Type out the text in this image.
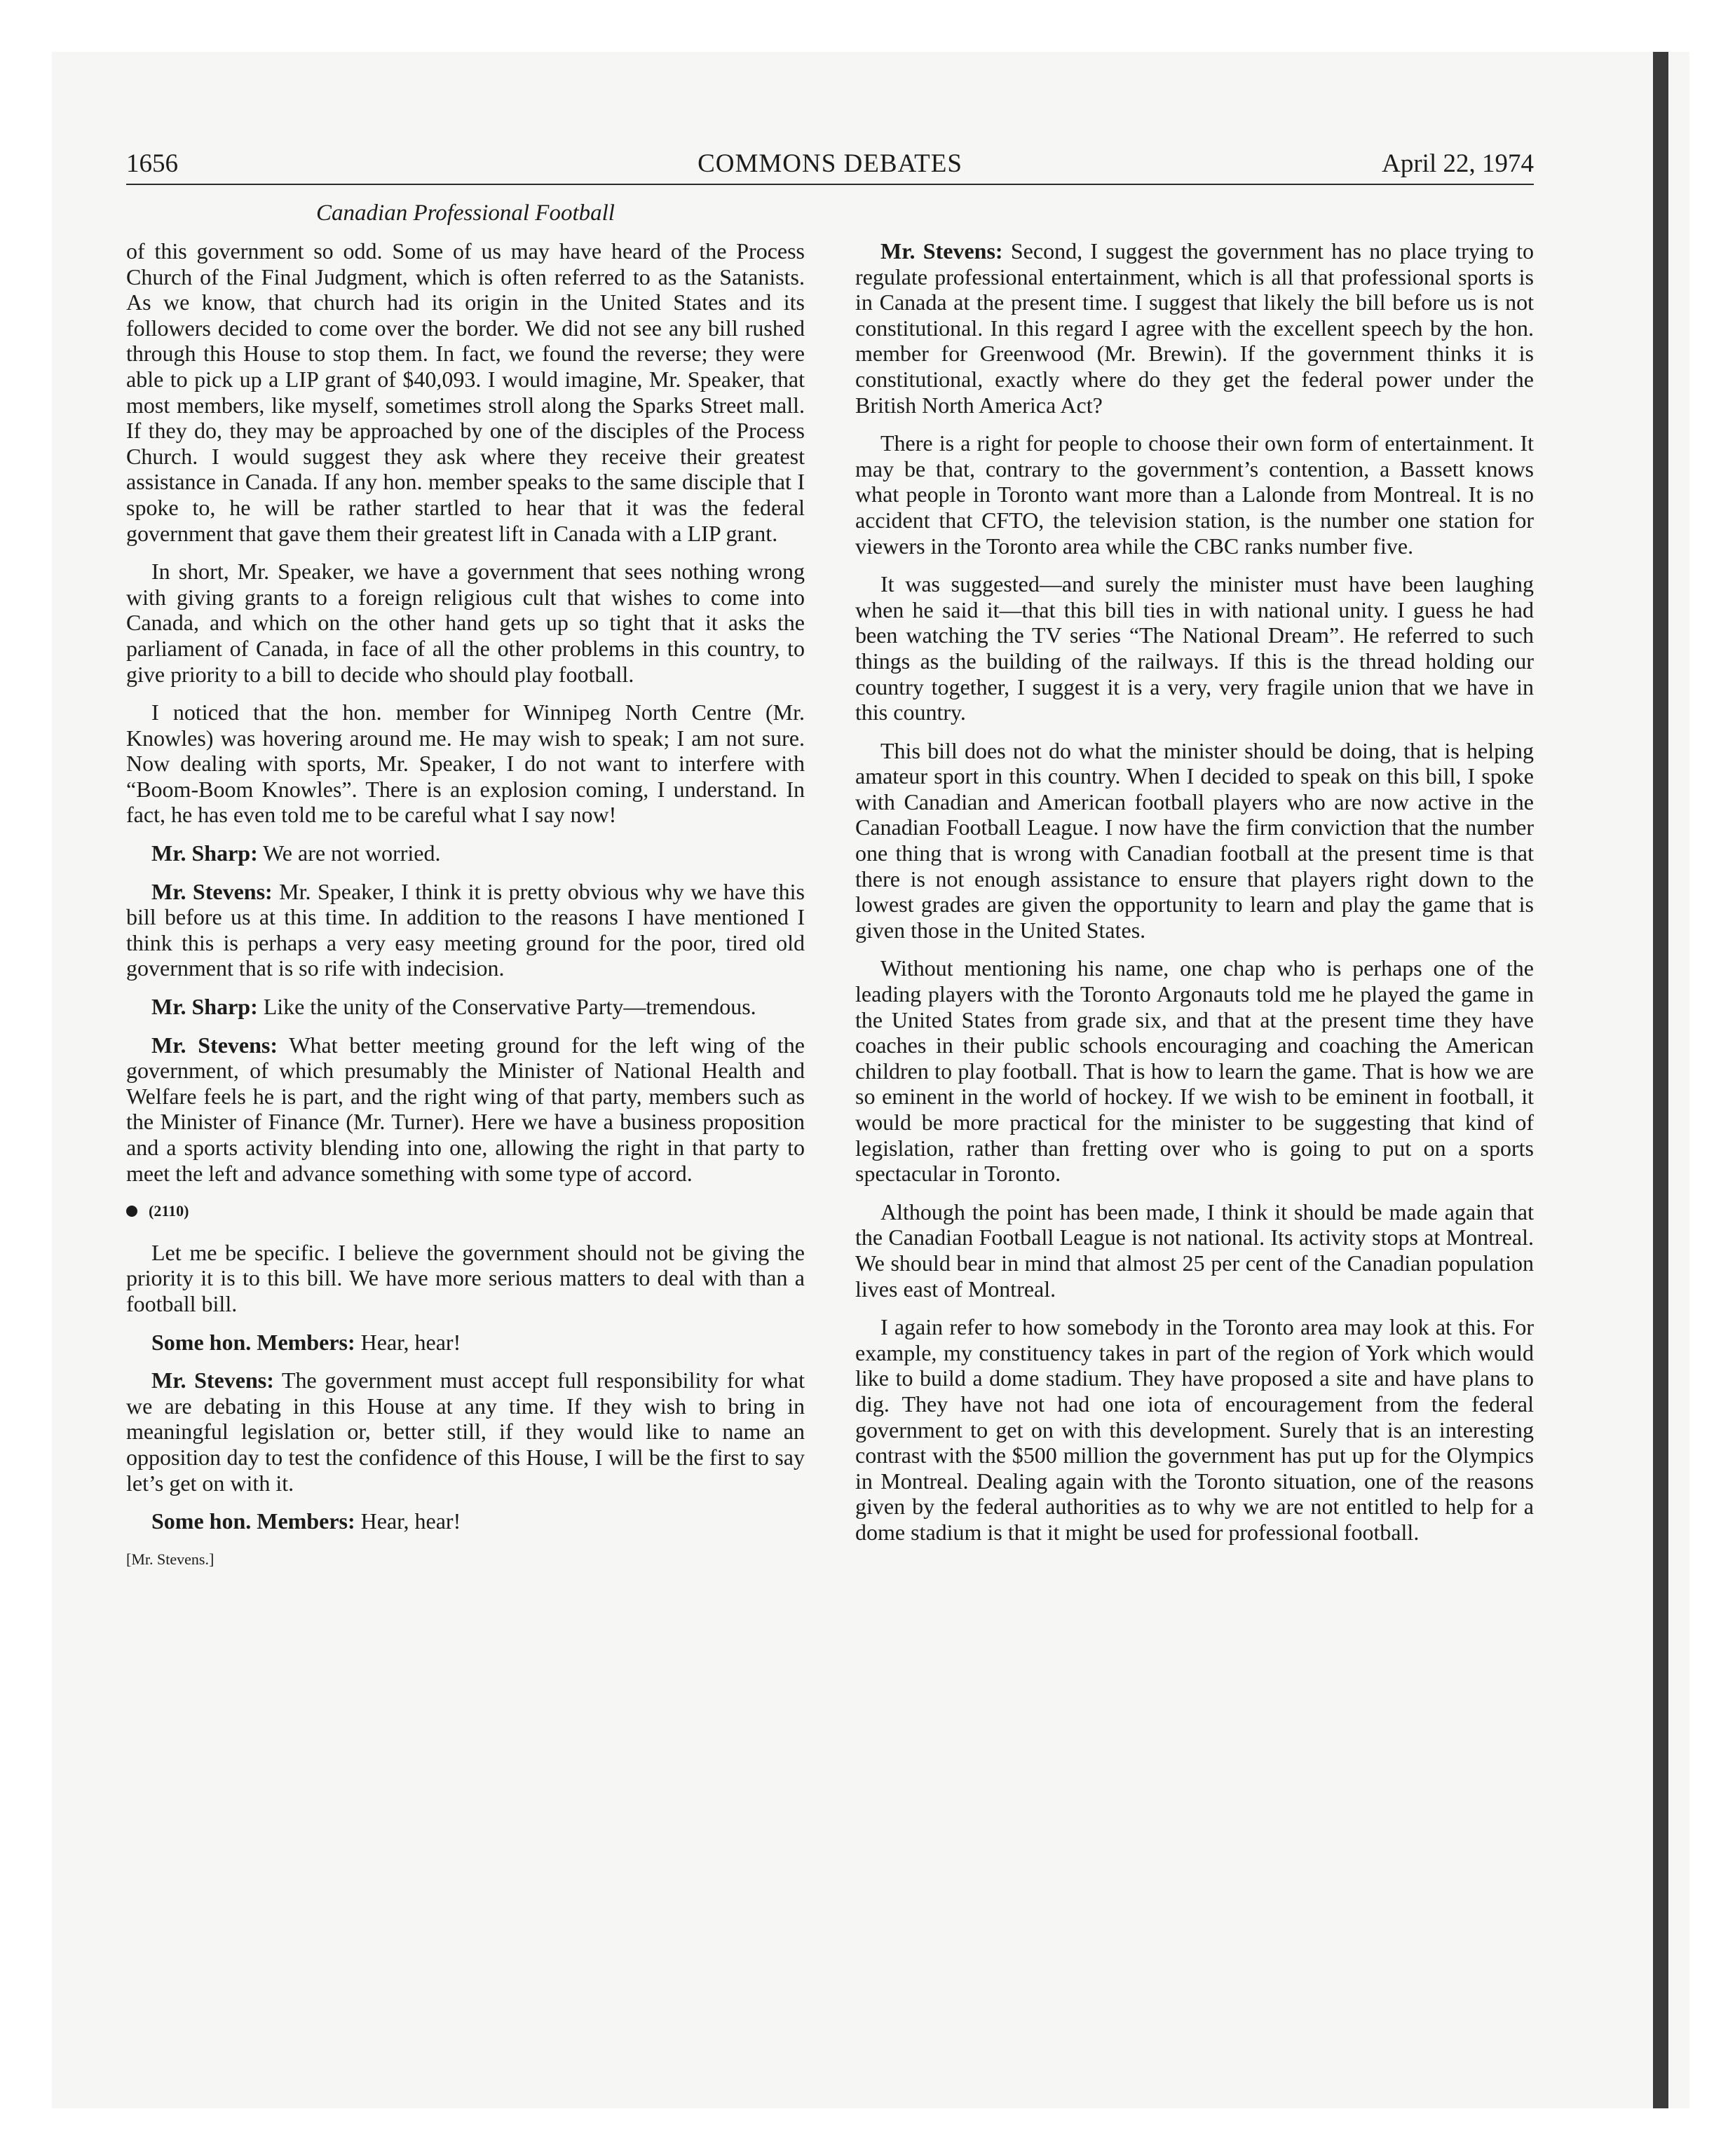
1656	COMMONS DEBATES	April 22, 1974
Canadian Professional Football

of this government so odd. Some of us may have heard of the Process Church of the Final Judgment, which is often referred to as the Satanists. As we know, that church had its origin in the United States and its followers decided to come over the border. We did not see any bill rushed through this House to stop them. In fact, we found the reverse; they were able to pick up a LIP grant of $40,093. I would imagine, Mr. Speaker, that most members, like myself, sometimes stroll along the Sparks Street mall. If they do, they may be approached by one of the disciples of the Process Church. I would suggest they ask where they receive their greatest assistance in Canada. If any hon. member speaks to the same disciple that I spoke to, he will be rather startled to hear that it was the federal government that gave them their greatest lift in Canada with a LIP grant.

In short, Mr. Speaker, we have a government that sees nothing wrong with giving grants to a foreign religious cult that wishes to come into Canada, and which on the other hand gets up so tight that it asks the parliament of Canada, in face of all the other problems in this country, to give priority to a bill to decide who should play football.

I noticed that the hon. member for Winnipeg North Centre (Mr. Knowles) was hovering around me. He may wish to speak; I am not sure. Now dealing with sports, Mr. Speaker, I do not want to interfere with “Boom-Boom Knowles”. There is an explosion coming, I understand. In fact, he has even told me to be careful what I say now!

Mr. Sharp: We are not worried.

Mr. Stevens: Mr. Speaker, I think it is pretty obvious why we have this bill before us at this time. In addition to the reasons I have mentioned I think this is perhaps a very easy meeting ground for the poor, tired old government that is so rife with indecision.

Mr. Sharp: Like the unity of the Conservative Party—tremendous.

Mr. Stevens: What better meeting ground for the left wing of the government, of which presumably the Minister of National Health and Welfare feels he is part, and the right wing of that party, members such as the Minister of Finance (Mr. Turner). Here we have a business proposition and a sports activity blending into one, allowing the right in that party to meet the left and advance something with some type of accord.

(2110)

Let me be specific. I believe the government should not be giving the priority it is to this bill. We have more serious matters to deal with than a football bill.

Some hon. Members: Hear, hear!

Mr. Stevens: The government must accept full responsibility for what we are debating in this House at any time. If they wish to bring in meaningful legislation or, better still, if they would like to name an opposition day to test the confidence of this House, I will be the first to say let’s get on with it.

Some hon. Members: Hear, hear!

[Mr. Stevens.]

Mr. Stevens: Second, I suggest the government has no place trying to regulate professional entertainment, which is all that professional sports is in Canada at the present time. I suggest that likely the bill before us is not constitutional. In this regard I agree with the excellent speech by the hon. member for Greenwood (Mr. Brewin). If the government thinks it is constitutional, exactly where do they get the federal power under the British North America Act?

There is a right for people to choose their own form of entertainment. It may be that, contrary to the government’s contention, a Bassett knows what people in Toronto want more than a Lalonde from Montreal. It is no accident that CFTO, the television station, is the number one station for viewers in the Toronto area while the CBC ranks number five.

It was suggested—and surely the minister must have been laughing when he said it—that this bill ties in with national unity. I guess he had been watching the TV series “The National Dream”. He referred to such things as the building of the railways. If this is the thread holding our country together, I suggest it is a very, very fragile union that we have in this country.

This bill does not do what the minister should be doing, that is helping amateur sport in this country. When I decided to speak on this bill, I spoke with Canadian and American football players who are now active in the Canadian Football League. I now have the firm conviction that the number one thing that is wrong with Canadian football at the present time is that there is not enough assistance to ensure that players right down to the lowest grades are given the opportunity to learn and play the game that is given those in the United States.

Without mentioning his name, one chap who is perhaps one of the leading players with the Toronto Argonauts told me he played the game in the United States from grade six, and that at the present time they have coaches in their public schools encouraging and coaching the American children to play football. That is how to learn the game. That is how we are so eminent in the world of hockey. If we wish to be eminent in football, it would be more practical for the minister to be suggesting that kind of legislation, rather than fretting over who is going to put on a sports spectacular in Toronto.

Although the point has been made, I think it should be made again that the Canadian Football League is not national. Its activity stops at Montreal. We should bear in mind that almost 25 per cent of the Canadian population lives east of Montreal.

I again refer to how somebody in the Toronto area may look at this. For example, my constituency takes in part of the region of York which would like to build a dome stadium. They have proposed a site and have plans to dig. They have not had one iota of encouragement from the federal government to get on with this development. Surely that is an interesting contrast with the $500 million the government has put up for the Olympics in Montreal. Dealing again with the Toronto situation, one of the reasons given by the federal authorities as to why we are not entitled to help for a dome stadium is that it might be used for professional football.
